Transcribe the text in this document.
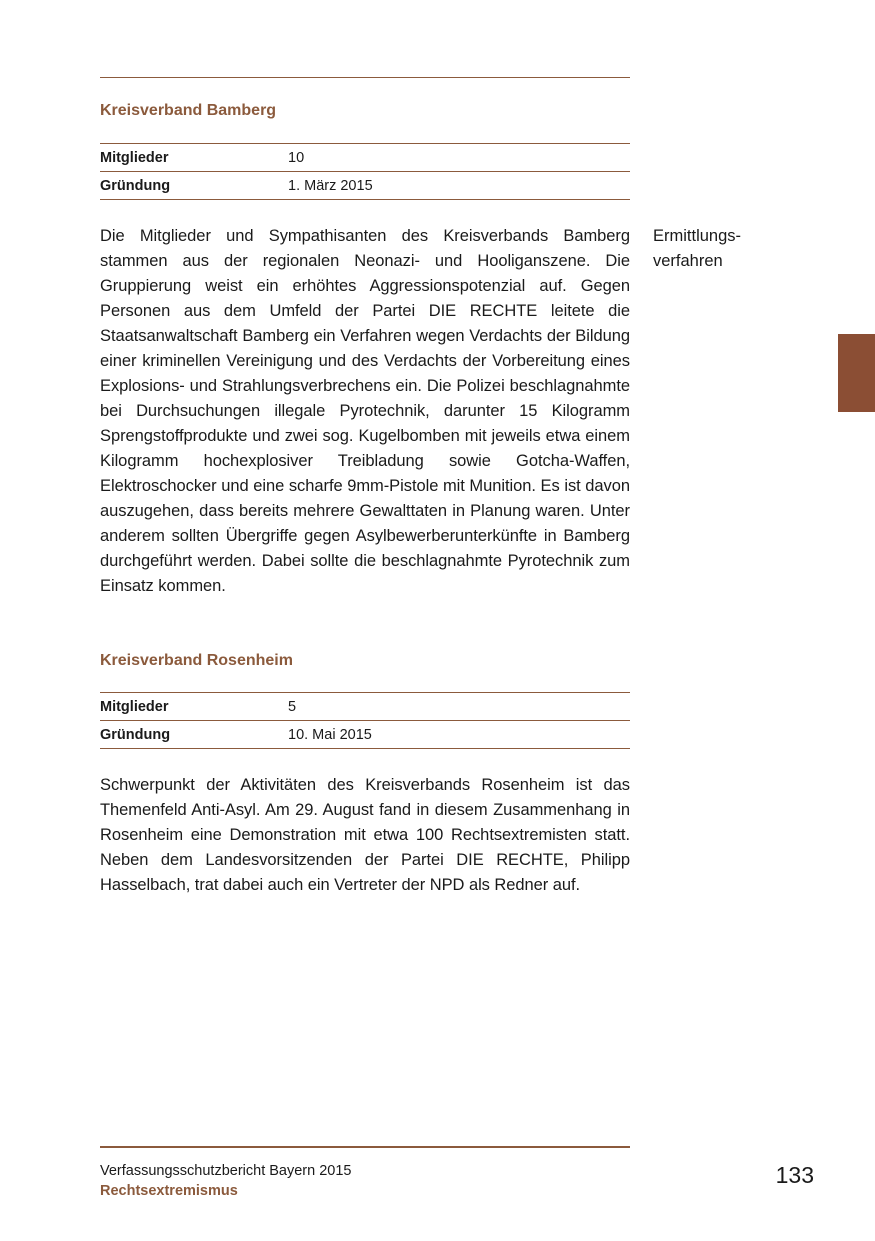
Kreisverband Bamberg
Mitglieder	10
Gründung	1. März 2015

Die Mitglieder und Sympathisanten des Kreisverbands Bamberg stammen aus der regionalen Neonazi- und Hooliganszene. Die Gruppierung weist ein erhöhtes Aggressionspotenzial auf. Gegen Personen aus dem Umfeld der Partei DIE RECHTE leitete die Staatsanwaltschaft Bamberg ein Verfahren wegen Verdachts der Bildung einer kriminellen Vereinigung und des Verdachts der Vorbereitung eines Explosions- und Strahlungsverbrechens ein. Die Polizei beschlagnahmte bei Durchsuchungen illegale Pyrotechnik, darunter 15 Kilogramm Sprengstoffprodukte und zwei sog. Kugelbomben mit jeweils etwa einem Kilogramm hochexplosiver Treibladung sowie Gotcha-Waffen, Elektroschocker und eine scharfe 9mm-Pistole mit Munition. Es ist davon auszugehen, dass bereits mehrere Gewalttaten in Planung waren. Unter anderem sollten Übergriffe gegen Asylbewerberunterkünfte in Bamberg durchgeführt werden. Dabei sollte die beschlagnahmte Pyrotechnik zum Einsatz kommen.

Ermittlungs-
verfahren

Kreisverband Rosenheim
Mitglieder	5
Gründung	10. Mai 2015

Schwerpunkt der Aktivitäten des Kreisverbands Rosenheim ist das Themenfeld Anti-Asyl. Am 29. August fand in diesem Zusammenhang in Rosenheim eine Demonstration mit etwa 100 Rechtsextremisten statt. Neben dem Landesvorsitzenden der Partei DIE RECHTE, Philipp Hasselbach, trat dabei auch ein Vertreter der NPD als Redner auf.

Verfassungsschutzbericht Bayern 2015
Rechtsextremismus
133
